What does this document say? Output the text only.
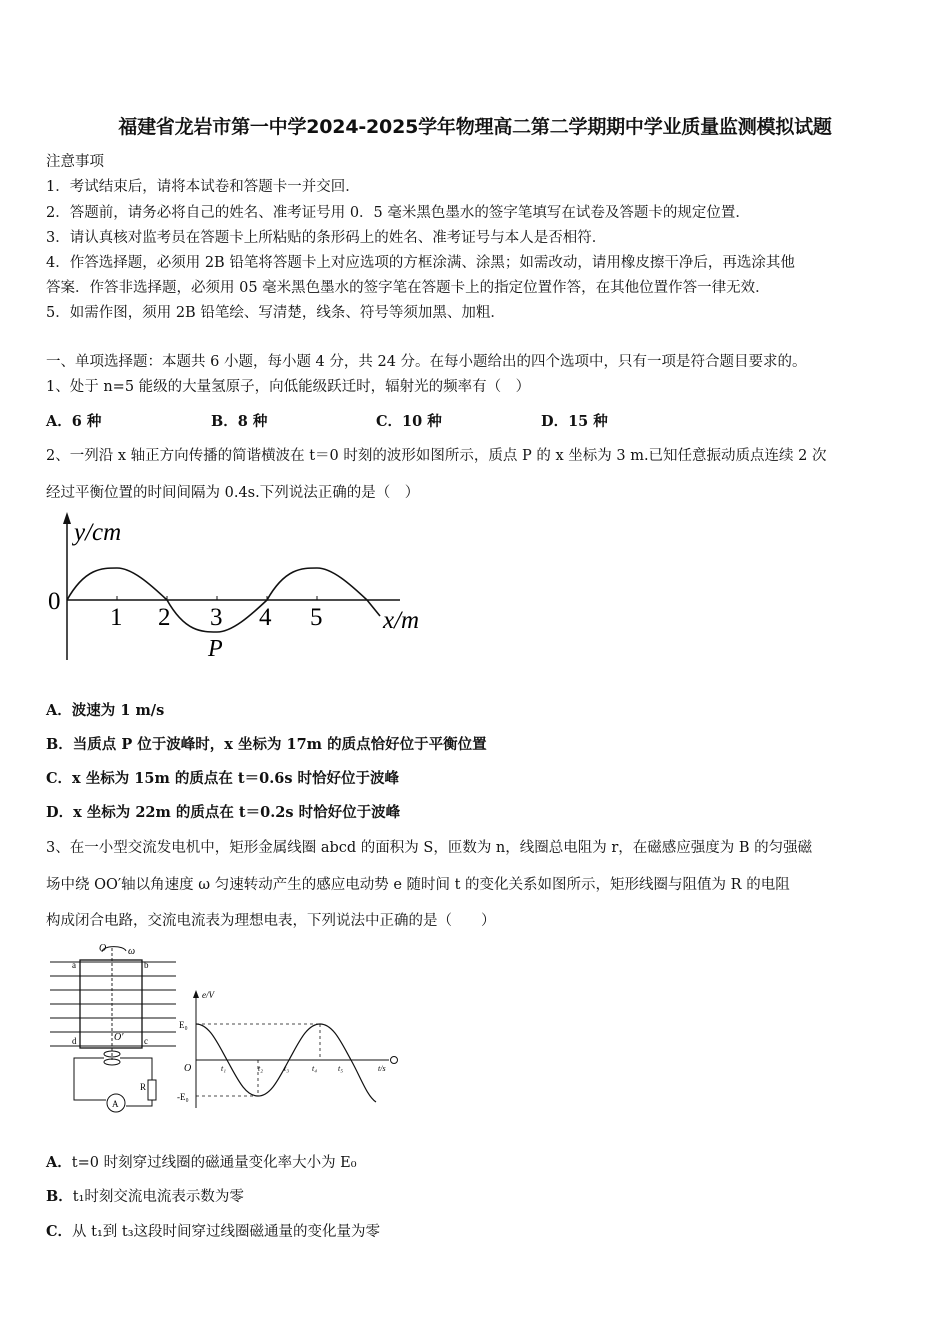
福建省龙岩市第一中学2024-2025学年物理高二第二学期期中学业质量监测模拟试题
注意事项
1．考试结束后，请将本试卷和答题卡一并交回．
2．答题前，请务必将自己的姓名、准考证号用 0．5 毫米黑色墨水的签字笔填写在试卷及答题卡的规定位置．
3．请认真核对监考员在答题卡上所粘贴的条形码上的姓名、准考证号与本人是否相符．
4．作答选择题，必须用 2B 铅笔将答题卡上对应选项的方框涂满、涂黑；如需改动，请用橡皮擦干净后，再选涂其他
答案．作答非选择题，必须用 05 毫米黑色墨水的签字笔在答题卡上的指定位置作答，在其他位置作答一律无效．
5．如需作图，须用 2B 铅笔绘、写清楚，线条、符号等须加黑、加粗．
一、单项选择题：本题共 6 小题，每小题 4 分，共 24 分。在每小题给出的四个选项中，只有一项是符合题目要求的。
1、处于 n=5 能级的大量氢原子，向低能级跃迁时，辐射光的频率有（　）
A．6 种	B．8 种	C．10 种	D．15 种
2、一列沿 x 轴正方向传播的简谐横波在 t＝0 时刻的波形如图所示，质点 P 的 x 坐标为 3 m.已知任意振动质点连续 2 次
经过平衡位置的时间间隔为 0.4s.下列说法正确的是（　）
y/cm
0
1 2 3 4 5 x/m
P
A．波速为 1 m/s
B．当质点 P 位于波峰时，x 坐标为 17m 的质点恰好位于平衡位置
C．x 坐标为 15m 的质点在 t＝0.6s 时恰好位于波峰
D．x 坐标为 22m 的质点在 t＝0.2s 时恰好位于波峰
3、在一小型交流发电机中，矩形金属线圈 abcd 的面积为 S，匝数为 n，线圈总电阻为 r，在磁感应强度为 B 的匀强磁
场中绕 OO′轴以角速度 ω 匀速转动产生的感应电动势 e 随时间 t 的变化关系如图所示，矩形线圈与阻值为 R 的电阻
构成闭合电路，交流电流表为理想电表，下列说法中正确的是（　　）
O ω
a	b
c
d	O′
R
A
e/V
E₀
-E₀
O	t₁	t₂	t₃	t₄	t₅	t/s
A．t=0 时刻穿过线圈的磁通量变化率大小为 E₀
B．t₁时刻交流电流表示数为零
C．从 t₁到 t₃这段时间穿过线圈磁通量的变化量为零
